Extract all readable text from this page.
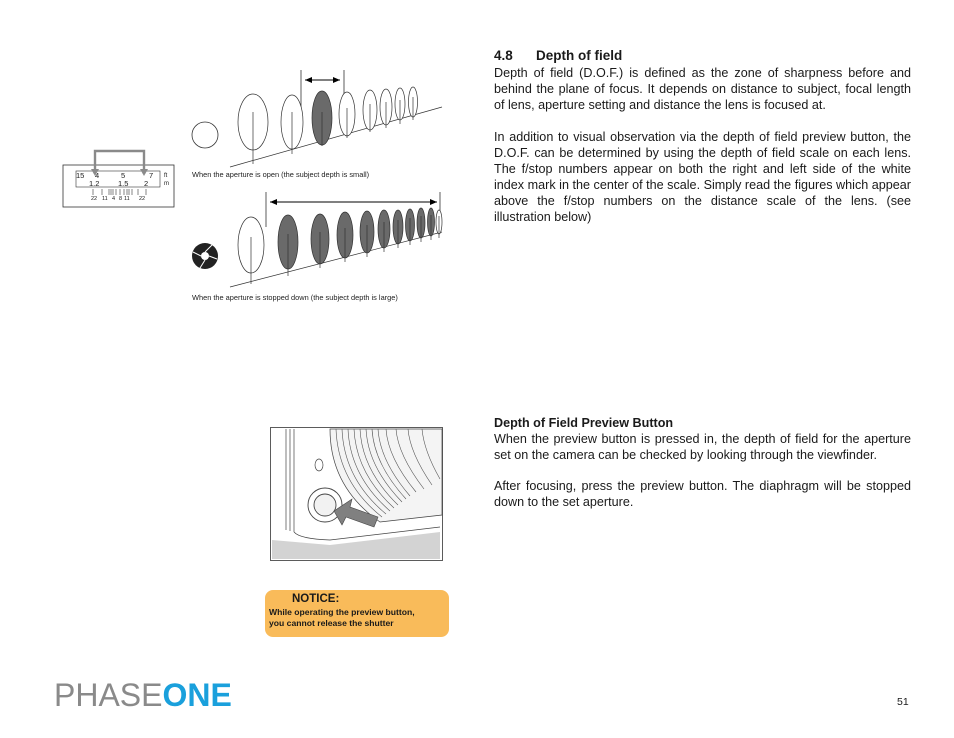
4.8 Depth of field

Depth of field (D.O.F.) is defined as the zone of sharpness before and behind the plane of focus. It depends on distance to subject, focal length of lens, aperture setting and distance the lens is focused at.

In addition to visual observation via the depth of field preview button, the D.O.F. can be determined by using the depth of field scale on each lens. The f/stop numbers appear on both the right and left side of the white index mark in the center of the scale. Simply read the figures which appear above the f/stop numbers on the distance scale of the lens. (see illustration below)

Depth of Field Preview Button

When the preview button is pressed in, the depth of field for the aperture set on the camera can be checked by looking through the viewfinder.

After focusing, press the preview button. The diaphragm will be stopped down to the set aperture.

15 4	5	7 ft
1.2 1.5 2	m
22 11 4 8 11 22
When the aperture is open (the subject depth is small)
When the aperture is stopped down (the subject depth is large)
NOTICE:
While operating the preview button,
you cannot release the shutter
PHASEONE	51
